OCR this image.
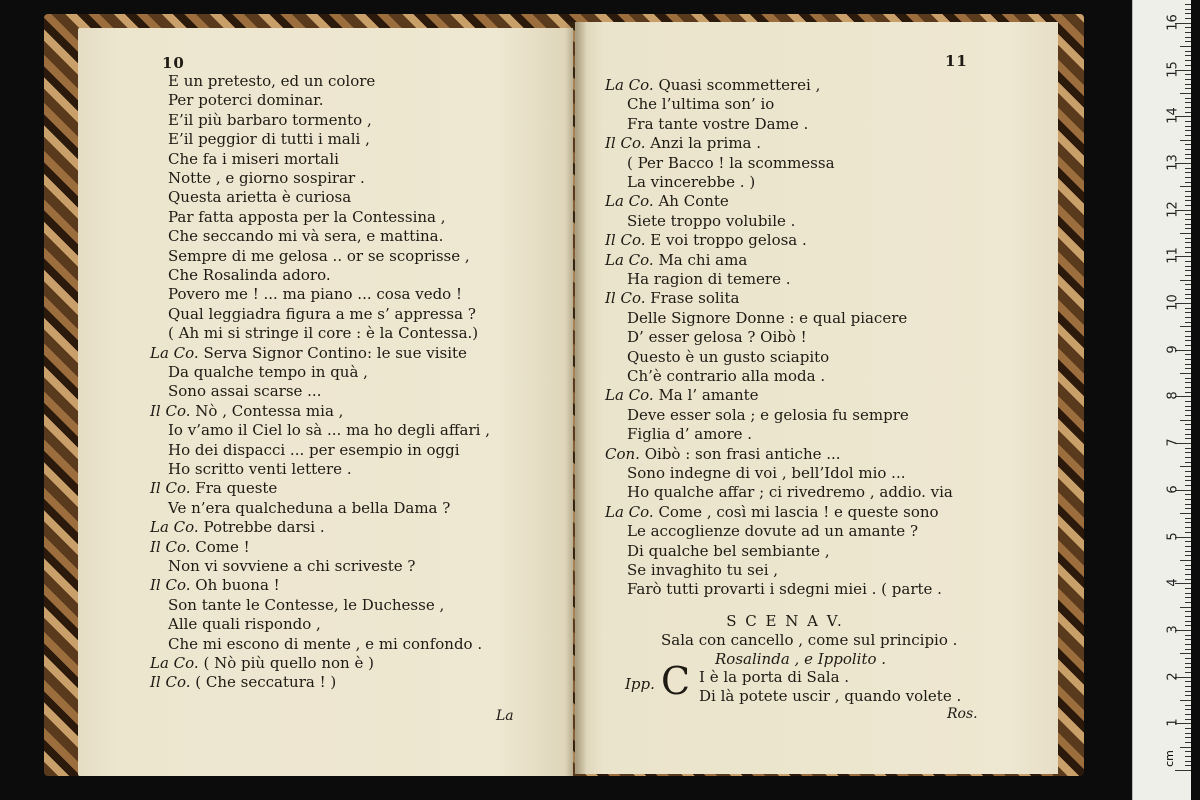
10
E un pretesto, ed un colore
Per poterci dominar.
E’il più barbaro tormento ,
E’il peggior di tutti i mali ,
Che fa i miseri mortali
Notte , e giorno sospirar .
Questa arietta è curiosa
Par fatta apposta per la Contessina ,
Che seccando mi và sera, e mattina.
Sempre di me gelosa .. or se scoprisse ,
Che Rosalinda adoro.
Povero me ! ... ma piano ... cosa vedo !
Qual leggiadra figura a me s’ appressa ?
( Ah mi si stringe il core : è la Contessa.)
La Co. Serva Signor Contino: le sue visite
Da qualche tempo in quà ,
Sono assai scarse ...
Il Co. Nò , Contessa mia ,
Io v’amo il Ciel lo sà ... ma ho degli affari ,
Ho dei dispacci ... per esempio in oggi
Ho scritto venti lettere .
Il Co. Fra queste
Ve n’era qualcheduna a bella Dama ?
La Co. Potrebbe darsi .
Il Co. Come !
Non vi sovviene a chi scriveste ?
Il Co. Oh buona !
Son tante le Contesse, le Duchesse ,
Alle quali rispondo ,
Che mi escono di mente , e mi confondo .
La Co. ( Nò più quello non è )
Il Co. ( Che seccatura ! )
La
11
La Co. Quasi scommetterei ,
Che l’ultima son’ io
Fra tante vostre Dame .
Il Co. Anzi la prima .
( Per Bacco ! la scommessa
La vincerebbe . )
La Co. Ah Conte
Siete troppo volubile .
Il Co. E voi troppo gelosa .
La Co. Ma chi ama
Ha ragion di temere .
Il Co. Frase solita
Delle Signore Donne : e qual piacere
D’ esser gelosa ? Oibò !
Questo è un gusto sciapito
Ch’è contrario alla moda .
La Co. Ma l’ amante
Deve esser sola ; e gelosia fu sempre
Figlia d’ amore .
Con. Oibò : son frasi antiche ...
Sono indegne di voi , bell’Idol mio ...
Ho qualche affar ; ci rivedremo , addio. via
La Co. Come , così mi lascia ! e queste sono
Le accoglienze dovute ad un amante ?
Di qualche bel sembiante ,
Se invaghito tu sei ,
Farò tutti provarti i sdegni miei . ( parte .
S C E N A V.
Sala con cancello , come sul principio .
Rosalinda , e Ippolito .
Ipp. C I è la porta di Sala .
Di là potete uscir , quando volete .
Ros.
1
2
3
4
5
6
7
8
9
10
11
12
13
14
15
16
cm
